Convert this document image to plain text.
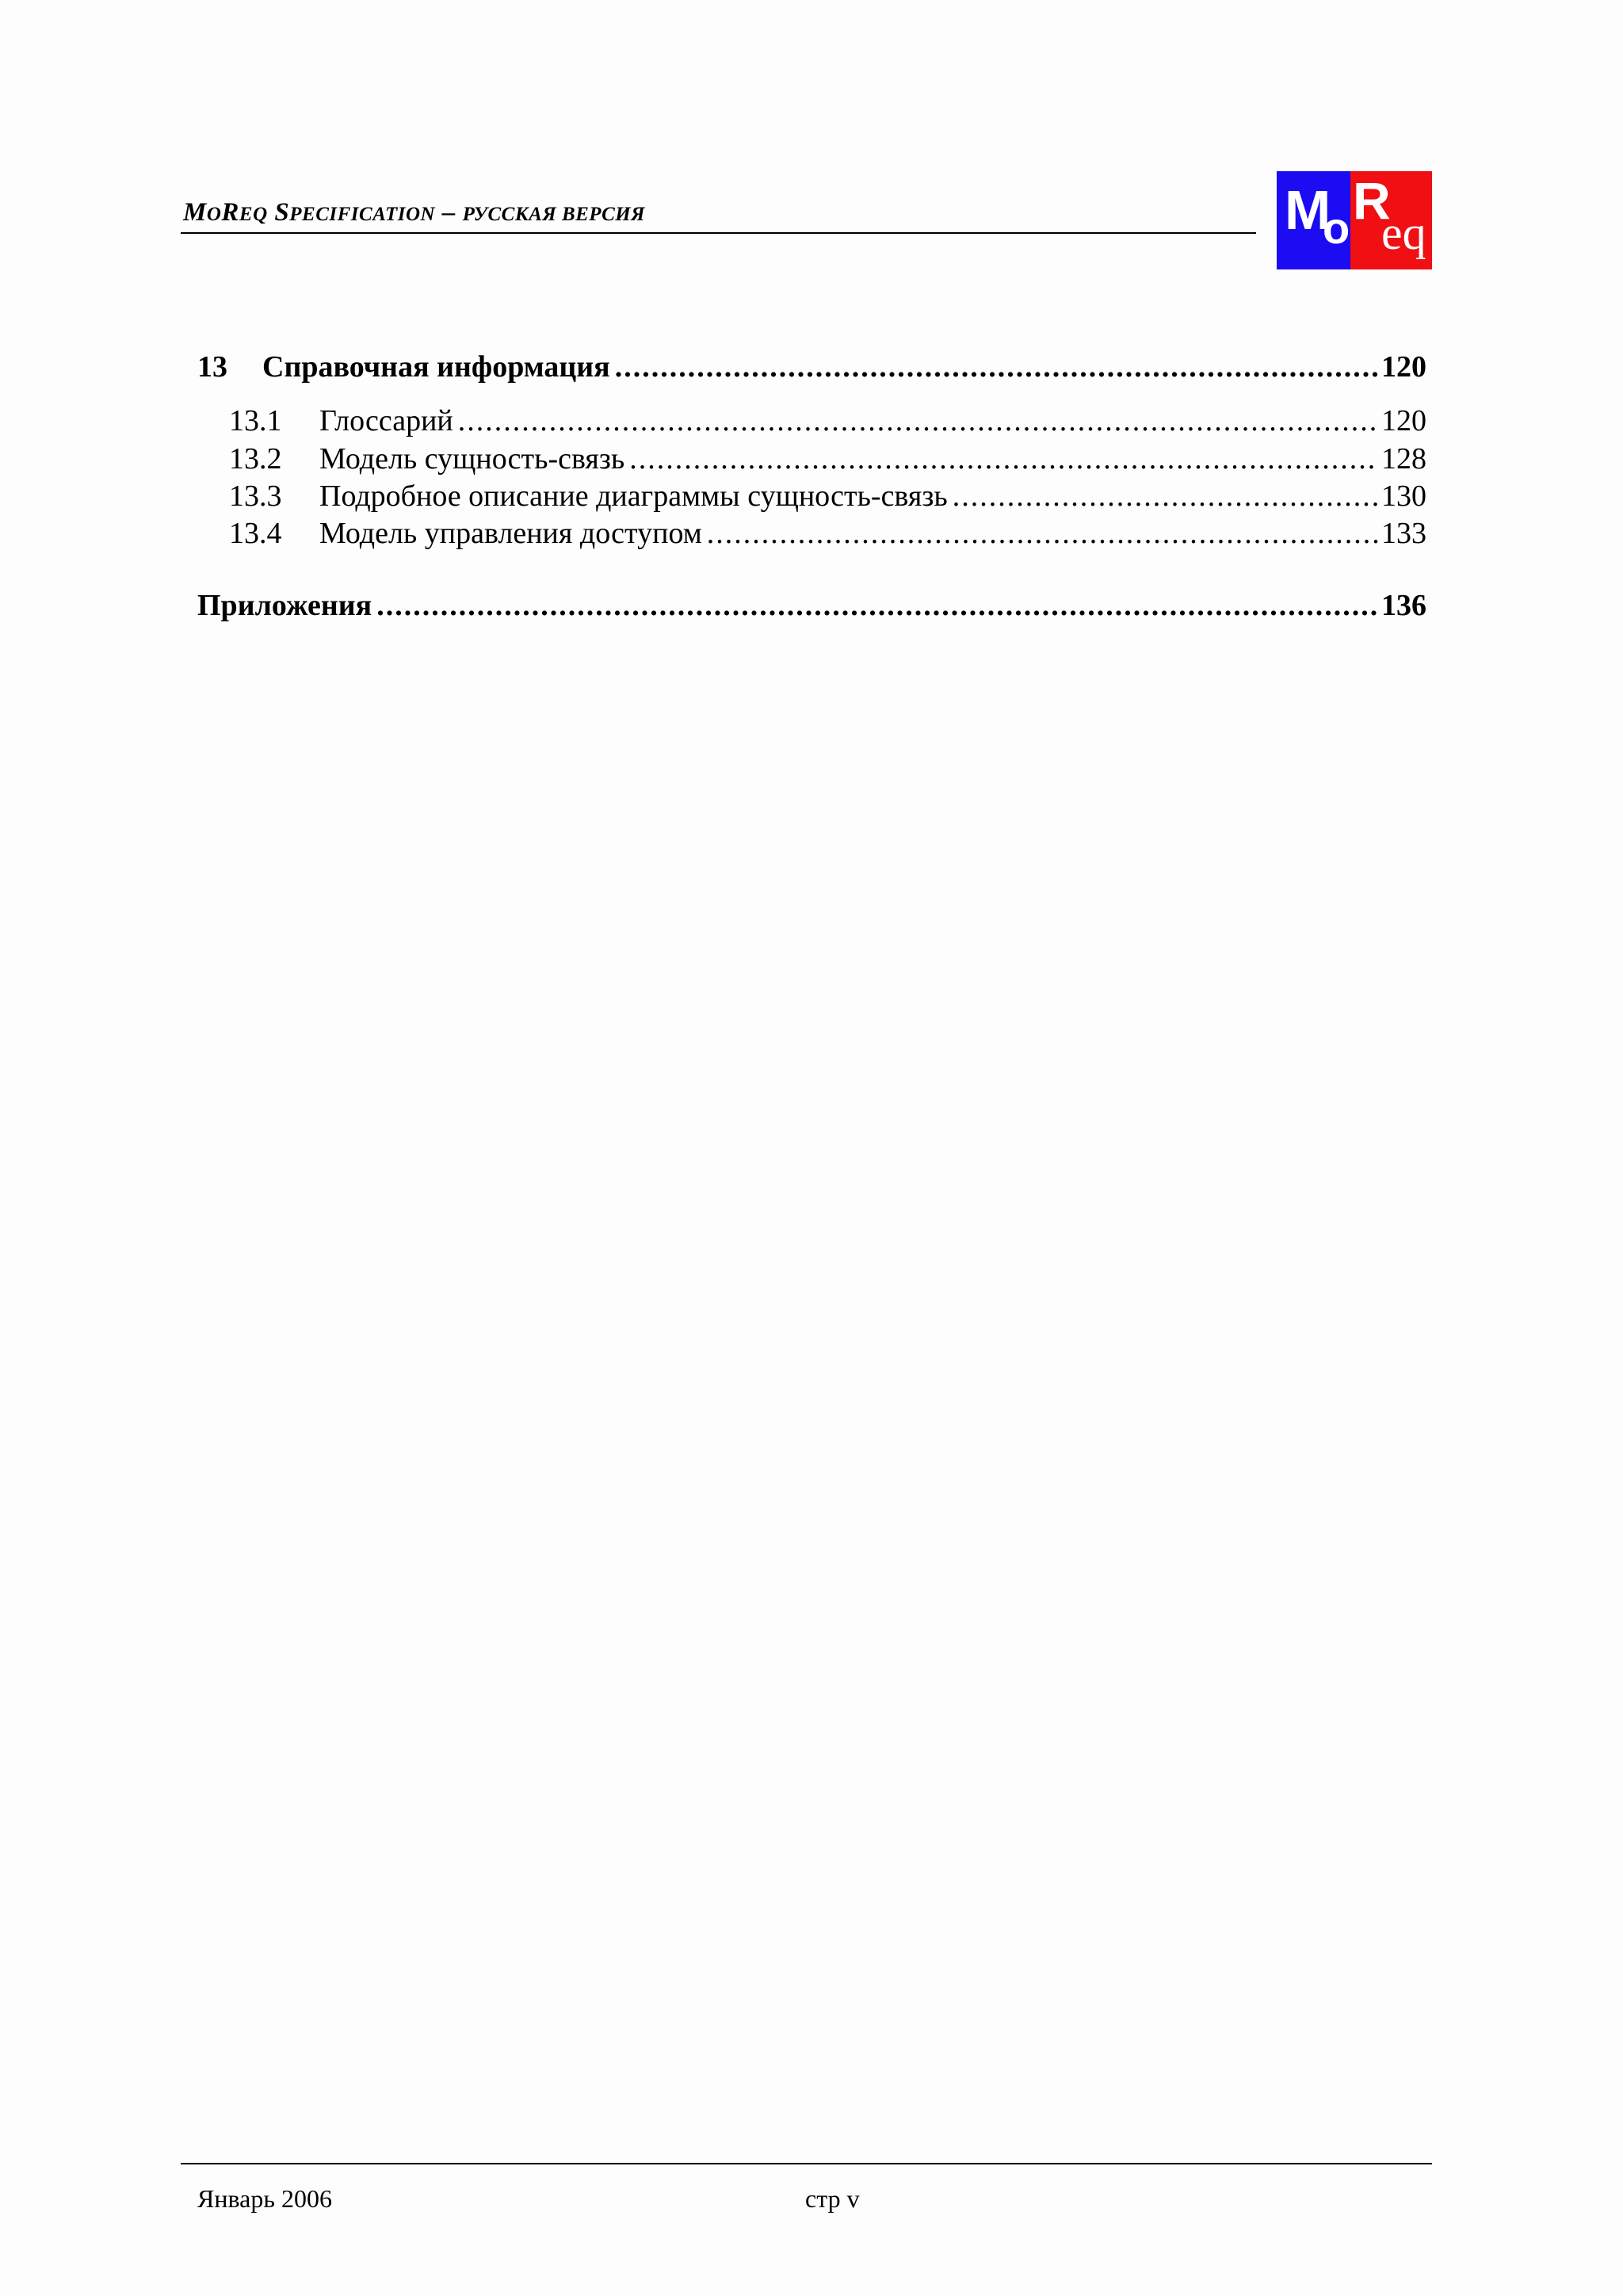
MOREQ SPECIFICATION – РУССКАЯ ВЕРСИЯ	M
o R
eq
13	Справочная информация .....	120
13.1	Глоссарий .....	120
13.2	Модель сущность-связь .....	128
13.3	Подробное описание диаграммы сущность-связь .....	130
13.4	Модель управления доступом .....	133
Приложения .....	136
Январь 2006	стр v
